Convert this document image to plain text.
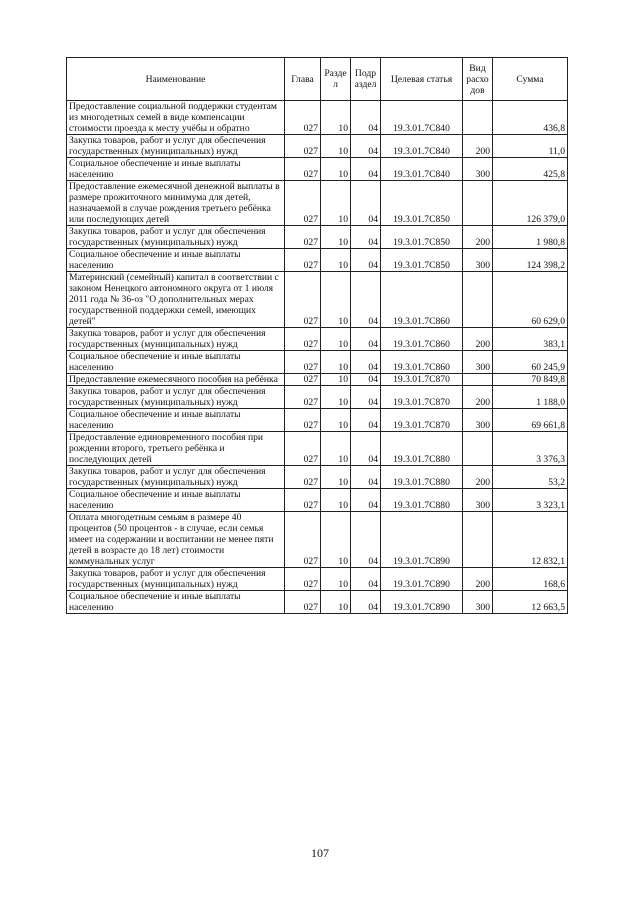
Наименование	Глава	Разде л	Подр аздел	Целевая статья	Вид расхо дов	Сумма
Предоставление социальной поддержки студентам из многодетных семей в виде компенсации стоимости проезда к месту учёбы и обратно	027	10	04	19.3.01.7С840		436,8
Закупка товаров, работ и услуг для обеспечения государственных (муниципальных) нужд	027	10	04	19.3.01.7С840	200	11,0
Социальное обеспечение и иные выплаты населению	027	10	04	19.3.01.7С840	300	425,8
Предоставление ежемесячной денежной выплаты в размере прожиточного минимума для детей, назначаемой в случае рождения третьего ребёнка или последующих детей	027	10	04	19.3.01.7С850		126 379,0
Закупка товаров, работ и услуг для обеспечения государственных (муниципальных) нужд	027	10	04	19.3.01.7С850	200	1 980,8
Социальное обеспечение и иные выплаты населению	027	10	04	19.3.01.7С850	300	124 398,2
Материнский (семейный) капитал в соответствии с законом Ненецкого автономного округа от 1 июля 2011 года № 36-оз "О дополнительных мерах государственной поддержки семей, имеющих детей"	027	10	04	19.3.01.7С860		60 629,0
Закупка товаров, работ и услуг для обеспечения государственных (муниципальных) нужд	027	10	04	19.3.01.7С860	200	383,1
Социальное обеспечение и иные выплаты населению	027	10	04	19.3.01.7С860	300	60 245,9
Предоставление ежемесячного пособия на ребёнка	027	10	04	19.3.01.7С870		70 849,8
Закупка товаров, работ и услуг для обеспечения государственных (муниципальных) нужд	027	10	04	19.3.01.7С870	200	1 188,0
Социальное обеспечение и иные выплаты населению	027	10	04	19.3.01.7С870	300	69 661,8
Предоставление единовременного пособия при рождении второго, третьего ребёнка и последующих детей	027	10	04	19.3.01.7С880		3 376,3
Закупка товаров, работ и услуг для обеспечения государственных (муниципальных) нужд	027	10	04	19.3.01.7С880	200	53,2
Социальное обеспечение и иные выплаты населению	027	10	04	19.3.01.7С880	300	3 323,1
Оплата многодетным семьям в размере 40 процентов (50 процентов - в случае, если семья имеет на содержании и воспитании не менее пяти детей в возрасте до 18 лет) стоимости коммунальных услуг	027	10	04	19.3.01.7С890		12 832,1
Закупка товаров, работ и услуг для обеспечения государственных (муниципальных) нужд	027	10	04	19.3.01.7С890	200	168,6
Социальное обеспечение и иные выплаты населению	027	10	04	19.3.01.7С890	300	12 663,5
107
